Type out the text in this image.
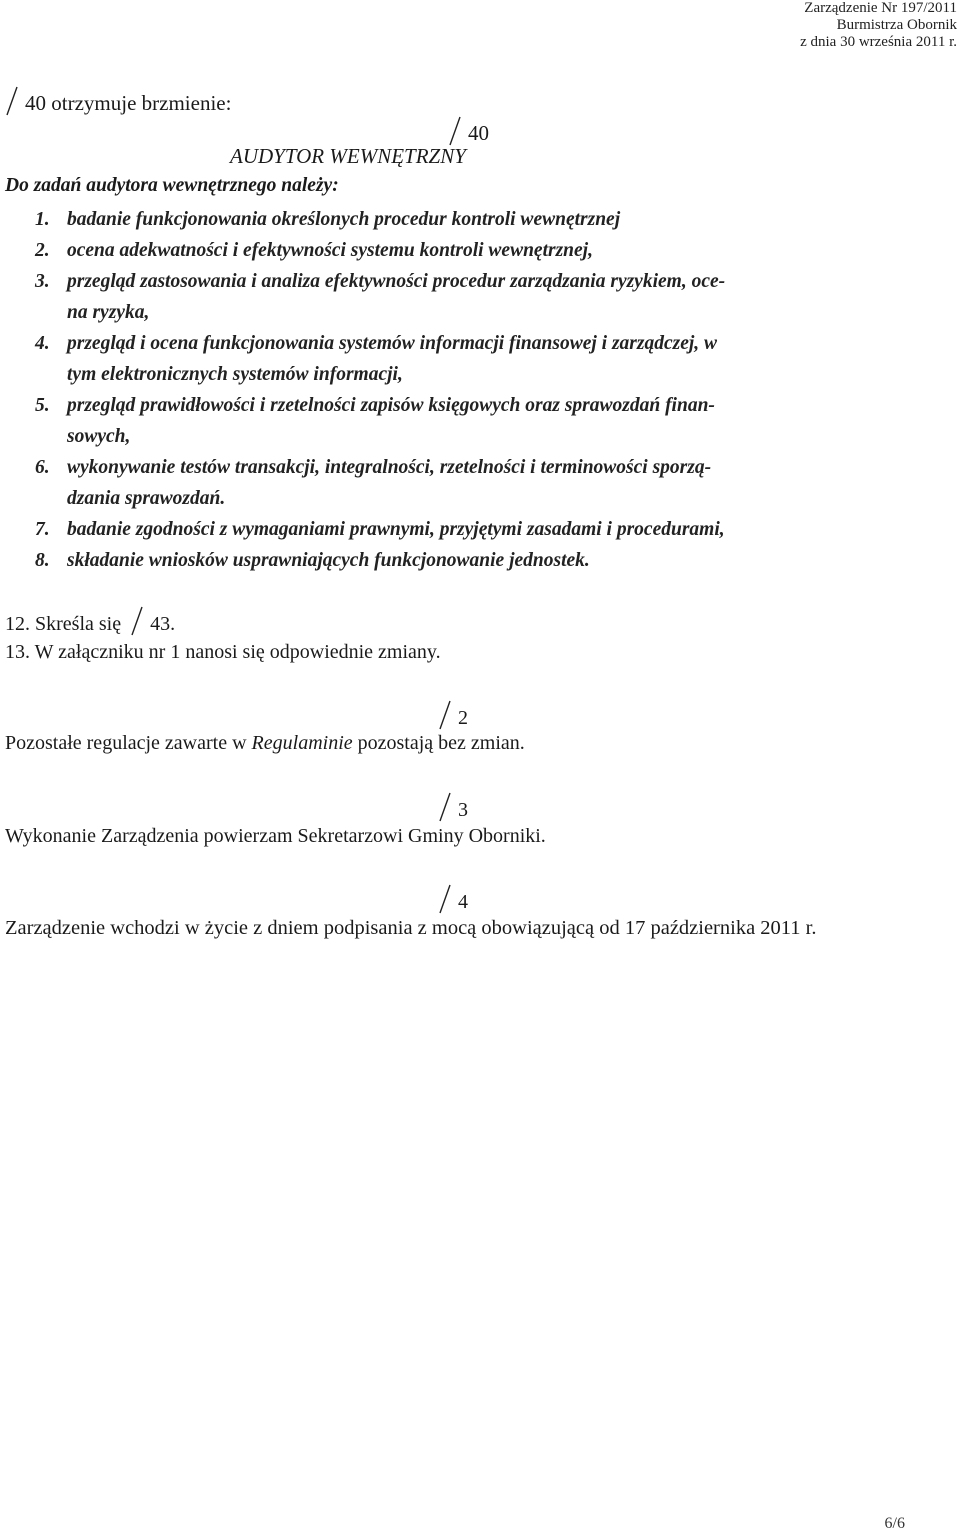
Zarządzenie Nr 197/2011
Burmistrza Obornik
z dnia 30 września 2011 r.
40 otrzymuje brzmienie:
40
AUDYTOR WEWNĘTRZNY
Do zadań audytora wewnętrznego należy:
1. badanie funkcjonowania określonych procedur kontroli wewnętrznej
2. ocena adekwatności i efektywności systemu kontroli wewnętrznej,
3. przegląd zastosowania i analiza efektywności procedur zarządzania ryzykiem, oce-
na ryzyka,
4. przegląd i ocena funkcjonowania systemów informacji finansowej i zarządczej, w
tym elektronicznych systemów informacji,
5. przegląd prawidłowości i rzetelności zapisów księgowych oraz sprawozdań finan-
sowych,
6. wykonywanie testów transakcji, integralności, rzetelności i terminowości sporzą-
dzania sprawozdań.
7. badanie zgodności z wymaganiami prawnymi, przyjętymi zasadami i procedurami,
8. składanie wniosków usprawniających funkcjonowanie jednostek.
12. Skreśla się 43.
13. W załączniku nr 1 nanosi się odpowiednie zmiany.
2
Pozostałe regulacje zawarte w Regulaminie pozostają bez zmian.
3
Wykonanie Zarządzenia powierzam Sekretarzowi Gminy Oborniki.
4
Zarządzenie wchodzi w życie z dniem podpisania z mocą obowiązującą od 17 października 2011 r.
6/6
